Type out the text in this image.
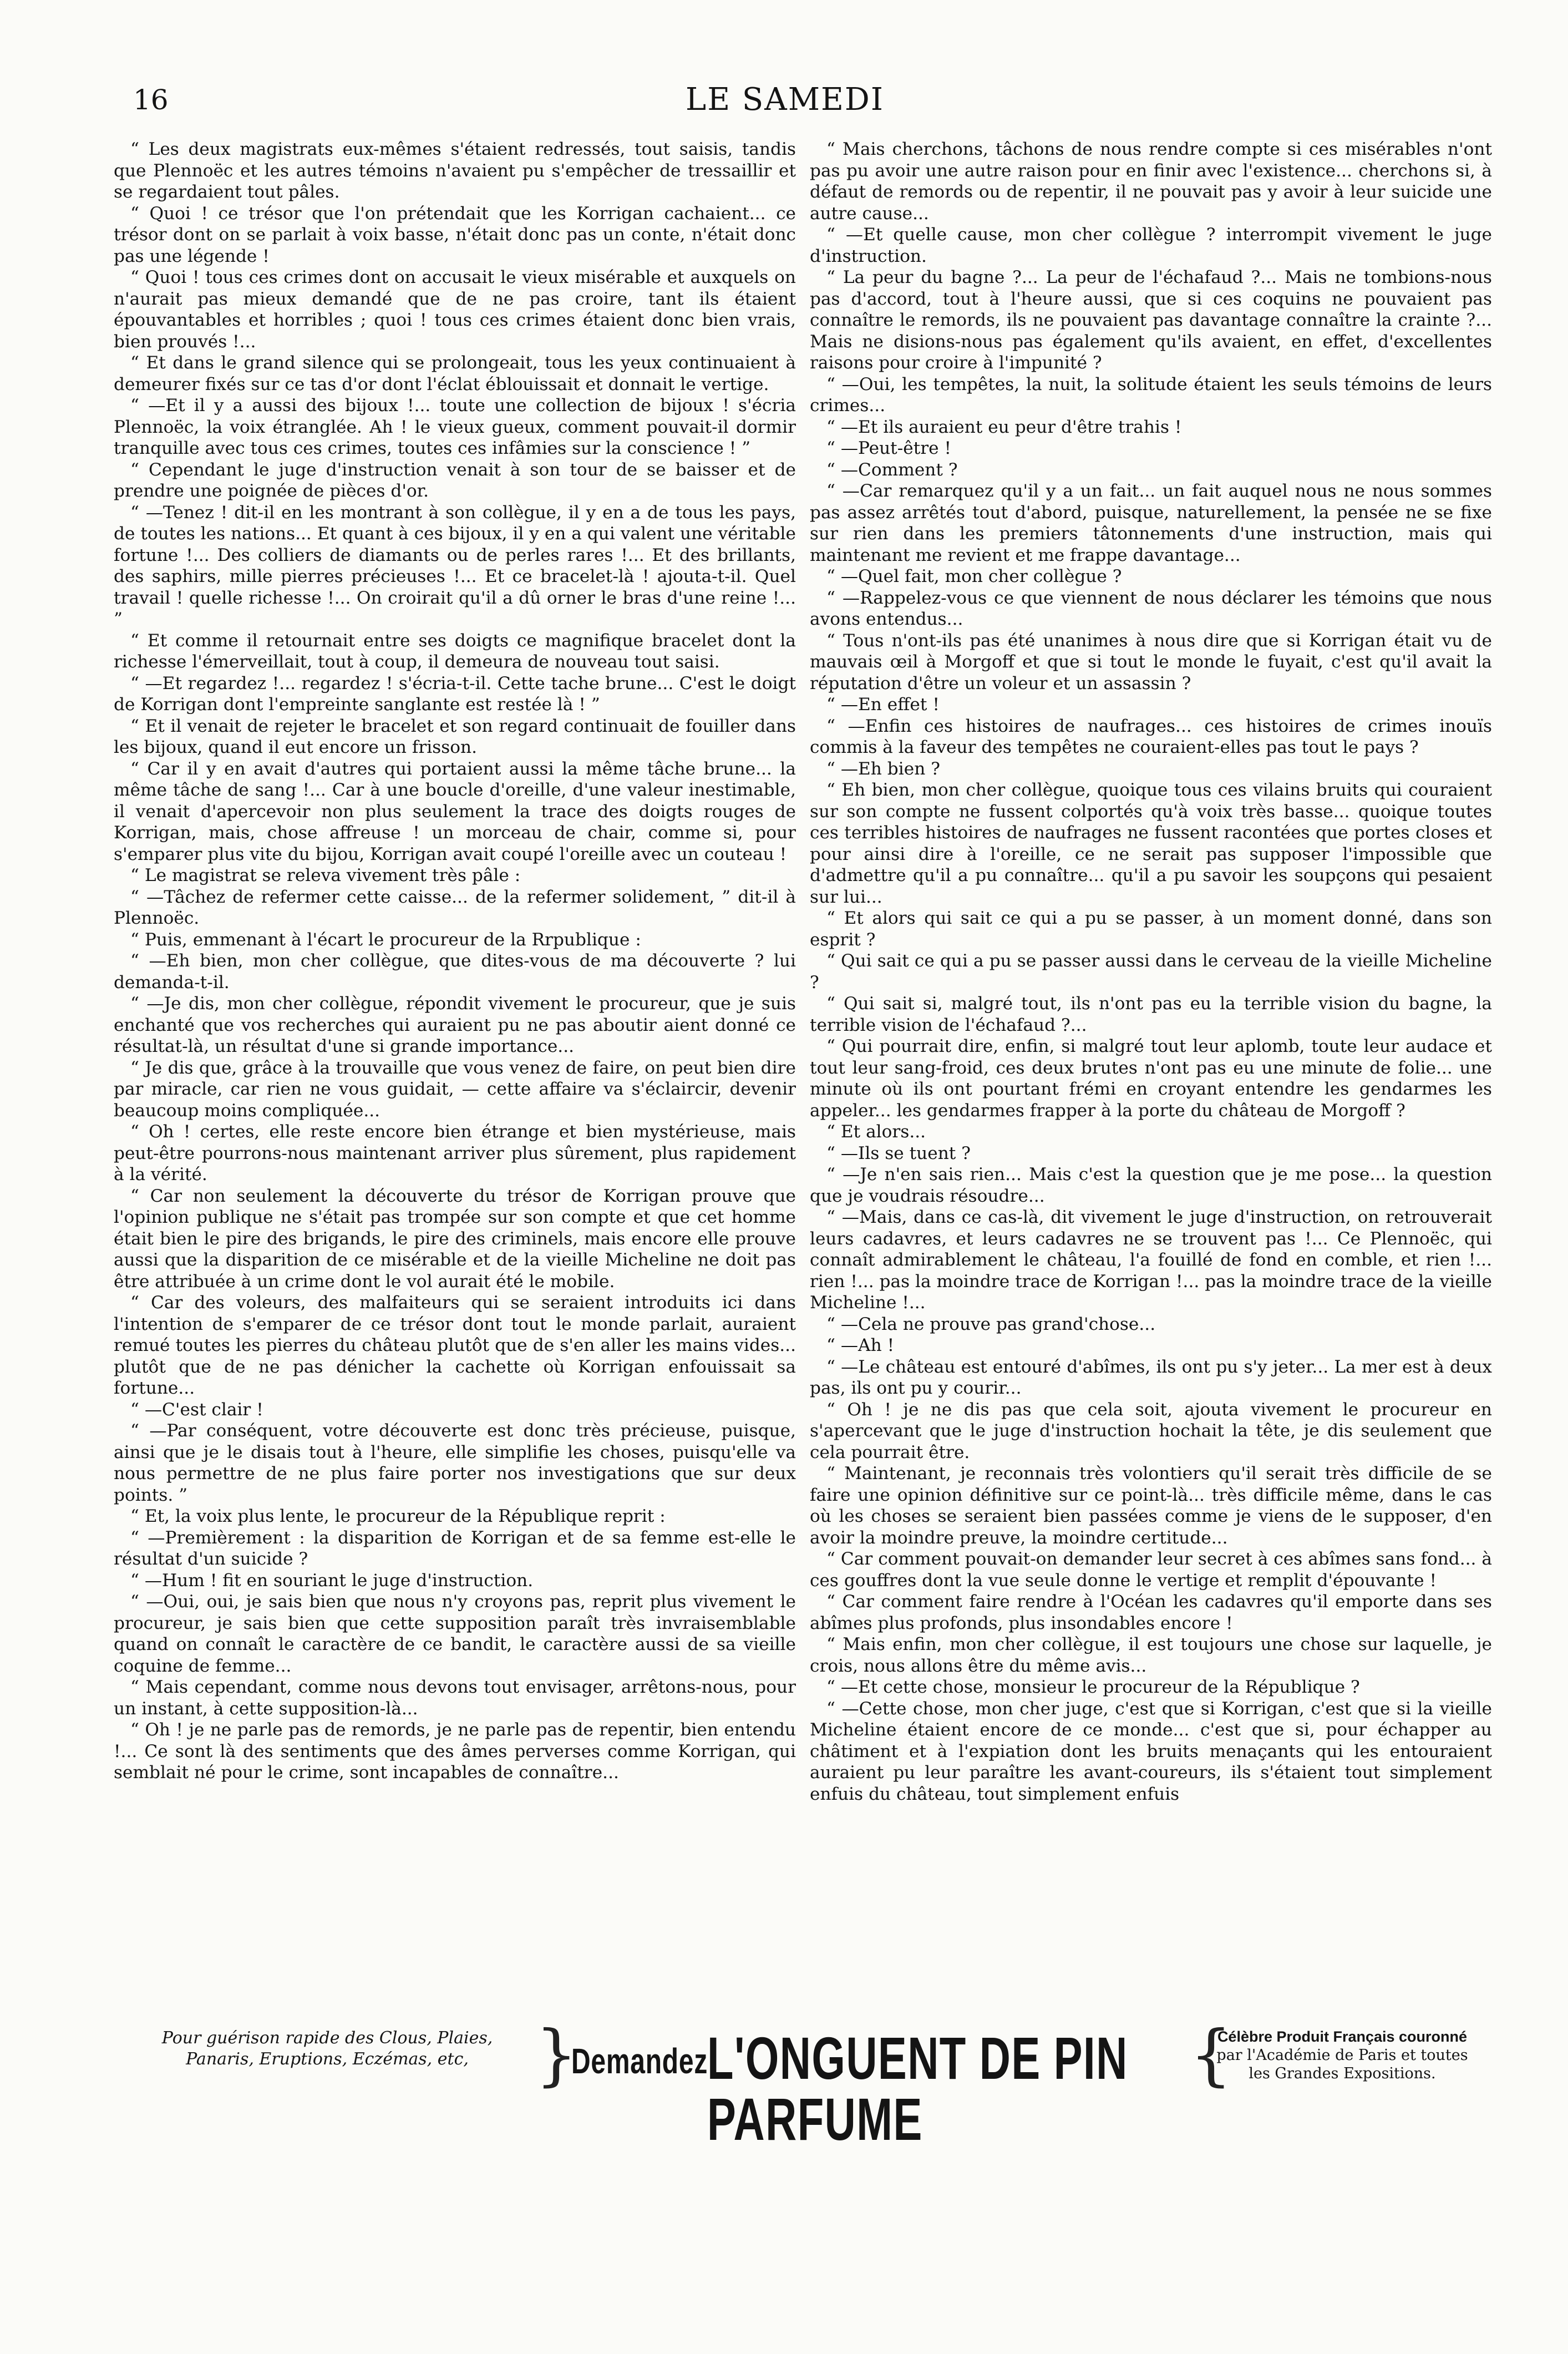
16	LE SAMEDI

“ Les deux magistrats eux-mêmes s'étaient redressés, tout saisis, tandis que Plennoëc et les autres témoins n'avaient pu s'empêcher de tressaillir et se regardaient tout pâles.

“ Quoi ! ce trésor que l'on prétendait que les Korrigan cachaient... ce trésor dont on se parlait à voix basse, n'était donc pas un conte, n'était donc pas une légende !

“ Quoi ! tous ces crimes dont on accusait le vieux misérable et auxquels on n'aurait pas mieux demandé que de ne pas croire, tant ils étaient épouvantables et horribles ; quoi ! tous ces crimes étaient donc bien vrais, bien prouvés !...

“ Et dans le grand silence qui se prolongeait, tous les yeux continuaient à demeurer fixés sur ce tas d'or dont l'éclat éblouissait et donnait le vertige.

“ —Et il y a aussi des bijoux !... toute une collection de bijoux ! s'écria Plennoëc, la voix étranglée. Ah ! le vieux gueux, comment pouvait-il dormir tranquille avec tous ces crimes, toutes ces infâmies sur la conscience ! ”

“ Cependant le juge d'instruction venait à son tour de se baisser et de prendre une poignée de pièces d'or.

“ —Tenez ! dit-il en les montrant à son collègue, il y en a de tous les pays, de toutes les nations... Et quant à ces bijoux, il y en a qui valent une véritable fortune !... Des colliers de diamants ou de perles rares !... Et des brillants, des saphirs, mille pierres précieuses !... Et ce bracelet-là ! ajouta-t-il. Quel travail ! quelle richesse !... On croirait qu'il a dû orner le bras d'une reine !... ”

“ Et comme il retournait entre ses doigts ce magnifique bracelet dont la richesse l'émerveillait, tout à coup, il demeura de nouveau tout saisi.

“ —Et regardez !... regardez ! s'écria-t-il. Cette tache brune... C'est le doigt de Korrigan dont l'empreinte sanglante est restée là ! ”

“ Et il venait de rejeter le bracelet et son regard continuait de fouiller dans les bijoux, quand il eut encore un frisson.

“ Car il y en avait d'autres qui portaient aussi la même tâche brune... la même tâche de sang !... Car à une boucle d'oreille, d'une valeur inestimable, il venait d'apercevoir non plus seulement la trace des doigts rouges de Korrigan, mais, chose affreuse ! un morceau de chair, comme si, pour s'emparer plus vite du bijou, Korrigan avait coupé l'oreille avec un couteau !

“ Le magistrat se releva vivement très pâle :

“ —Tâchez de refermer cette caisse... de la refermer solidement, ” dit-il à Plennoëc.

“ Puis, emmenant à l'écart le procureur de la Rrpublique :

“ —Eh bien, mon cher collègue, que dites-vous de ma découverte ? lui demanda-t-il.

“ —Je dis, mon cher collègue, répondit vivement le procureur, que je suis enchanté que vos recherches qui auraient pu ne pas aboutir aient donné ce résultat-là, un résultat d'une si grande importance...

“ Je dis que, grâce à la trouvaille que vous venez de faire, on peut bien dire par miracle, car rien ne vous guidait, — cette affaire va s'éclaircir, devenir beaucoup moins compliquée...

“ Oh ! certes, elle reste encore bien étrange et bien mystérieuse, mais peut-être pourrons-nous maintenant arriver plus sûrement, plus rapidement à la vérité.

“ Car non seulement la découverte du trésor de Korrigan prouve que l'opinion publique ne s'était pas trompée sur son compte et que cet homme était bien le pire des brigands, le pire des criminels, mais encore elle prouve aussi que la disparition de ce misérable et de la vieille Micheline ne doit pas être attribuée à un crime dont le vol aurait été le mobile.

“ Car des voleurs, des malfaiteurs qui se seraient introduits ici dans l'intention de s'emparer de ce trésor dont tout le monde parlait, auraient remué toutes les pierres du château plutôt que de s'en aller les mains vides... plutôt que de ne pas dénicher la cachette où Korrigan enfouissait sa fortune...

“ —C'est clair !

“ —Par conséquent, votre découverte est donc très précieuse, puisque, ainsi que je le disais tout à l'heure, elle simplifie les choses, puisqu'elle va nous permettre de ne plus faire porter nos investigations que sur deux points. ”

“ Et, la voix plus lente, le procureur de la République reprit :

“ —Premièrement : la disparition de Korrigan et de sa femme est-elle le résultat d'un suicide ?

“ —Hum ! fit en souriant le juge d'instruction.

“ —Oui, oui, je sais bien que nous n'y croyons pas, reprit plus vivement le procureur, je sais bien que cette supposition paraît très invraisemblable quand on connaît le caractère de ce bandit, le caractère aussi de sa vieille coquine de femme...

“ Mais cependant, comme nous devons tout envisager, arrêtons-nous, pour un instant, à cette supposition-là...

“ Oh ! je ne parle pas de remords, je ne parle pas de repentir, bien entendu !... Ce sont là des sentiments que des âmes perverses comme Korrigan, qui semblait né pour le crime, sont incapables de connaître...

“ Mais cherchons, tâchons de nous rendre compte si ces misérables n'ont pas pu avoir une autre raison pour en finir avec l'existence... cherchons si, à défaut de remords ou de repentir, il ne pouvait pas y avoir à leur suicide une autre cause...

“ —Et quelle cause, mon cher collègue ? interrompit vivement le juge d'instruction.

“ La peur du bagne ?... La peur de l'échafaud ?... Mais ne tombions-nous pas d'accord, tout à l'heure aussi, que si ces coquins ne pouvaient pas connaître le remords, ils ne pouvaient pas davantage connaître la crainte ?... Mais ne disions-nous pas également qu'ils avaient, en effet, d'excellentes raisons pour croire à l'impunité ?

“ —Oui, les tempêtes, la nuit, la solitude étaient les seuls témoins de leurs crimes...

“ —Et ils auraient eu peur d'être trahis !

“ —Peut-être !

“ —Comment ?

“ —Car remarquez qu'il y a un fait... un fait auquel nous ne nous sommes pas assez arrêtés tout d'abord, puisque, naturellement, la pensée ne se fixe sur rien dans les premiers tâtonnements d'une instruction, mais qui maintenant me revient et me frappe davantage...

“ —Quel fait, mon cher collègue ?

“ —Rappelez-vous ce que viennent de nous déclarer les témoins que nous avons entendus...

“ Tous n'ont-ils pas été unanimes à nous dire que si Korrigan était vu de mauvais œil à Morgoff et que si tout le monde le fuyait, c'est qu'il avait la réputation d'être un voleur et un assassin ?

“ —En effet !

“ —Enfin ces histoires de naufrages... ces histoires de crimes inouïs commis à la faveur des tempêtes ne couraient-elles pas tout le pays ?

“ —Eh bien ?

“ Eh bien, mon cher collègue, quoique tous ces vilains bruits qui couraient sur son compte ne fussent colportés qu'à voix très basse... quoique toutes ces terribles histoires de naufrages ne fussent racontées que portes closes et pour ainsi dire à l'oreille, ce ne serait pas supposer l'impossible que d'admettre qu'il a pu connaître... qu'il a pu savoir les soupçons qui pesaient sur lui...

“ Et alors qui sait ce qui a pu se passer, à un moment donné, dans son esprit ?

“ Qui sait ce qui a pu se passer aussi dans le cerveau de la vieille Micheline ?

“ Qui sait si, malgré tout, ils n'ont pas eu la terrible vision du bagne, la terrible vision de l'échafaud ?...

“ Qui pourrait dire, enfin, si malgré tout leur aplomb, toute leur audace et tout leur sang-froid, ces deux brutes n'ont pas eu une minute de folie... une minute où ils ont pourtant frémi en croyant entendre les gendarmes les appeler... les gendarmes frapper à la porte du château de Morgoff ?

“ Et alors...

“ —Ils se tuent ?

“ —Je n'en sais rien... Mais c'est la question que je me pose... la question que je voudrais résoudre...

“ —Mais, dans ce cas-là, dit vivement le juge d'instruction, on retrouverait leurs cadavres, et leurs cadavres ne se trouvent pas !... Ce Plennoëc, qui connaît admirablement le château, l'a fouillé de fond en comble, et rien !... rien !... pas la moindre trace de Korrigan !... pas la moindre trace de la vieille Micheline !...

“ —Cela ne prouve pas grand'chose...

“ —Ah !

“ —Le château est entouré d'abîmes, ils ont pu s'y jeter... La mer est à deux pas, ils ont pu y courir...

“ Oh ! je ne dis pas que cela soit, ajouta vivement le procureur en s'apercevant que le juge d'instruction hochait la tête, je dis seulement que cela pourrait être.

“ Maintenant, je reconnais très volontiers qu'il serait très difficile de se faire une opinion définitive sur ce point-là... très difficile même, dans le cas où les choses se seraient bien passées comme je viens de le supposer, d'en avoir la moindre preuve, la moindre certitude...

“ Car comment pouvait-on demander leur secret à ces abîmes sans fond... à ces gouffres dont la vue seule donne le vertige et remplit d'épouvante !

“ Car comment faire rendre à l'Océan les cadavres qu'il emporte dans ses abîmes plus profonds, plus insondables encore !

“ Mais enfin, mon cher collègue, il est toujours une chose sur laquelle, je crois, nous allons être du même avis...

“ —Et cette chose, monsieur le procureur de la République ?

“ —Cette chose, mon cher juge, c'est que si Korrigan, c'est que si la vieille Micheline étaient encore de ce monde... c'est que si, pour échapper au châtiment et à l'expiation dont les bruits menaçants qui les entouraient auraient pu leur paraître les avant-coureurs, ils s'étaient tout simplement enfuis du château, tout simplement enfuis

Pour guérison rapide des Clous, Plaies,
Panaris, Eruptions, Eczémas, etc,	}
Demandez
L'ONGUENT DE PIN PARFUME
{
Célèbre Produit Français couronné
par l'Académie de Paris et toutes
les Grandes Expositions.
